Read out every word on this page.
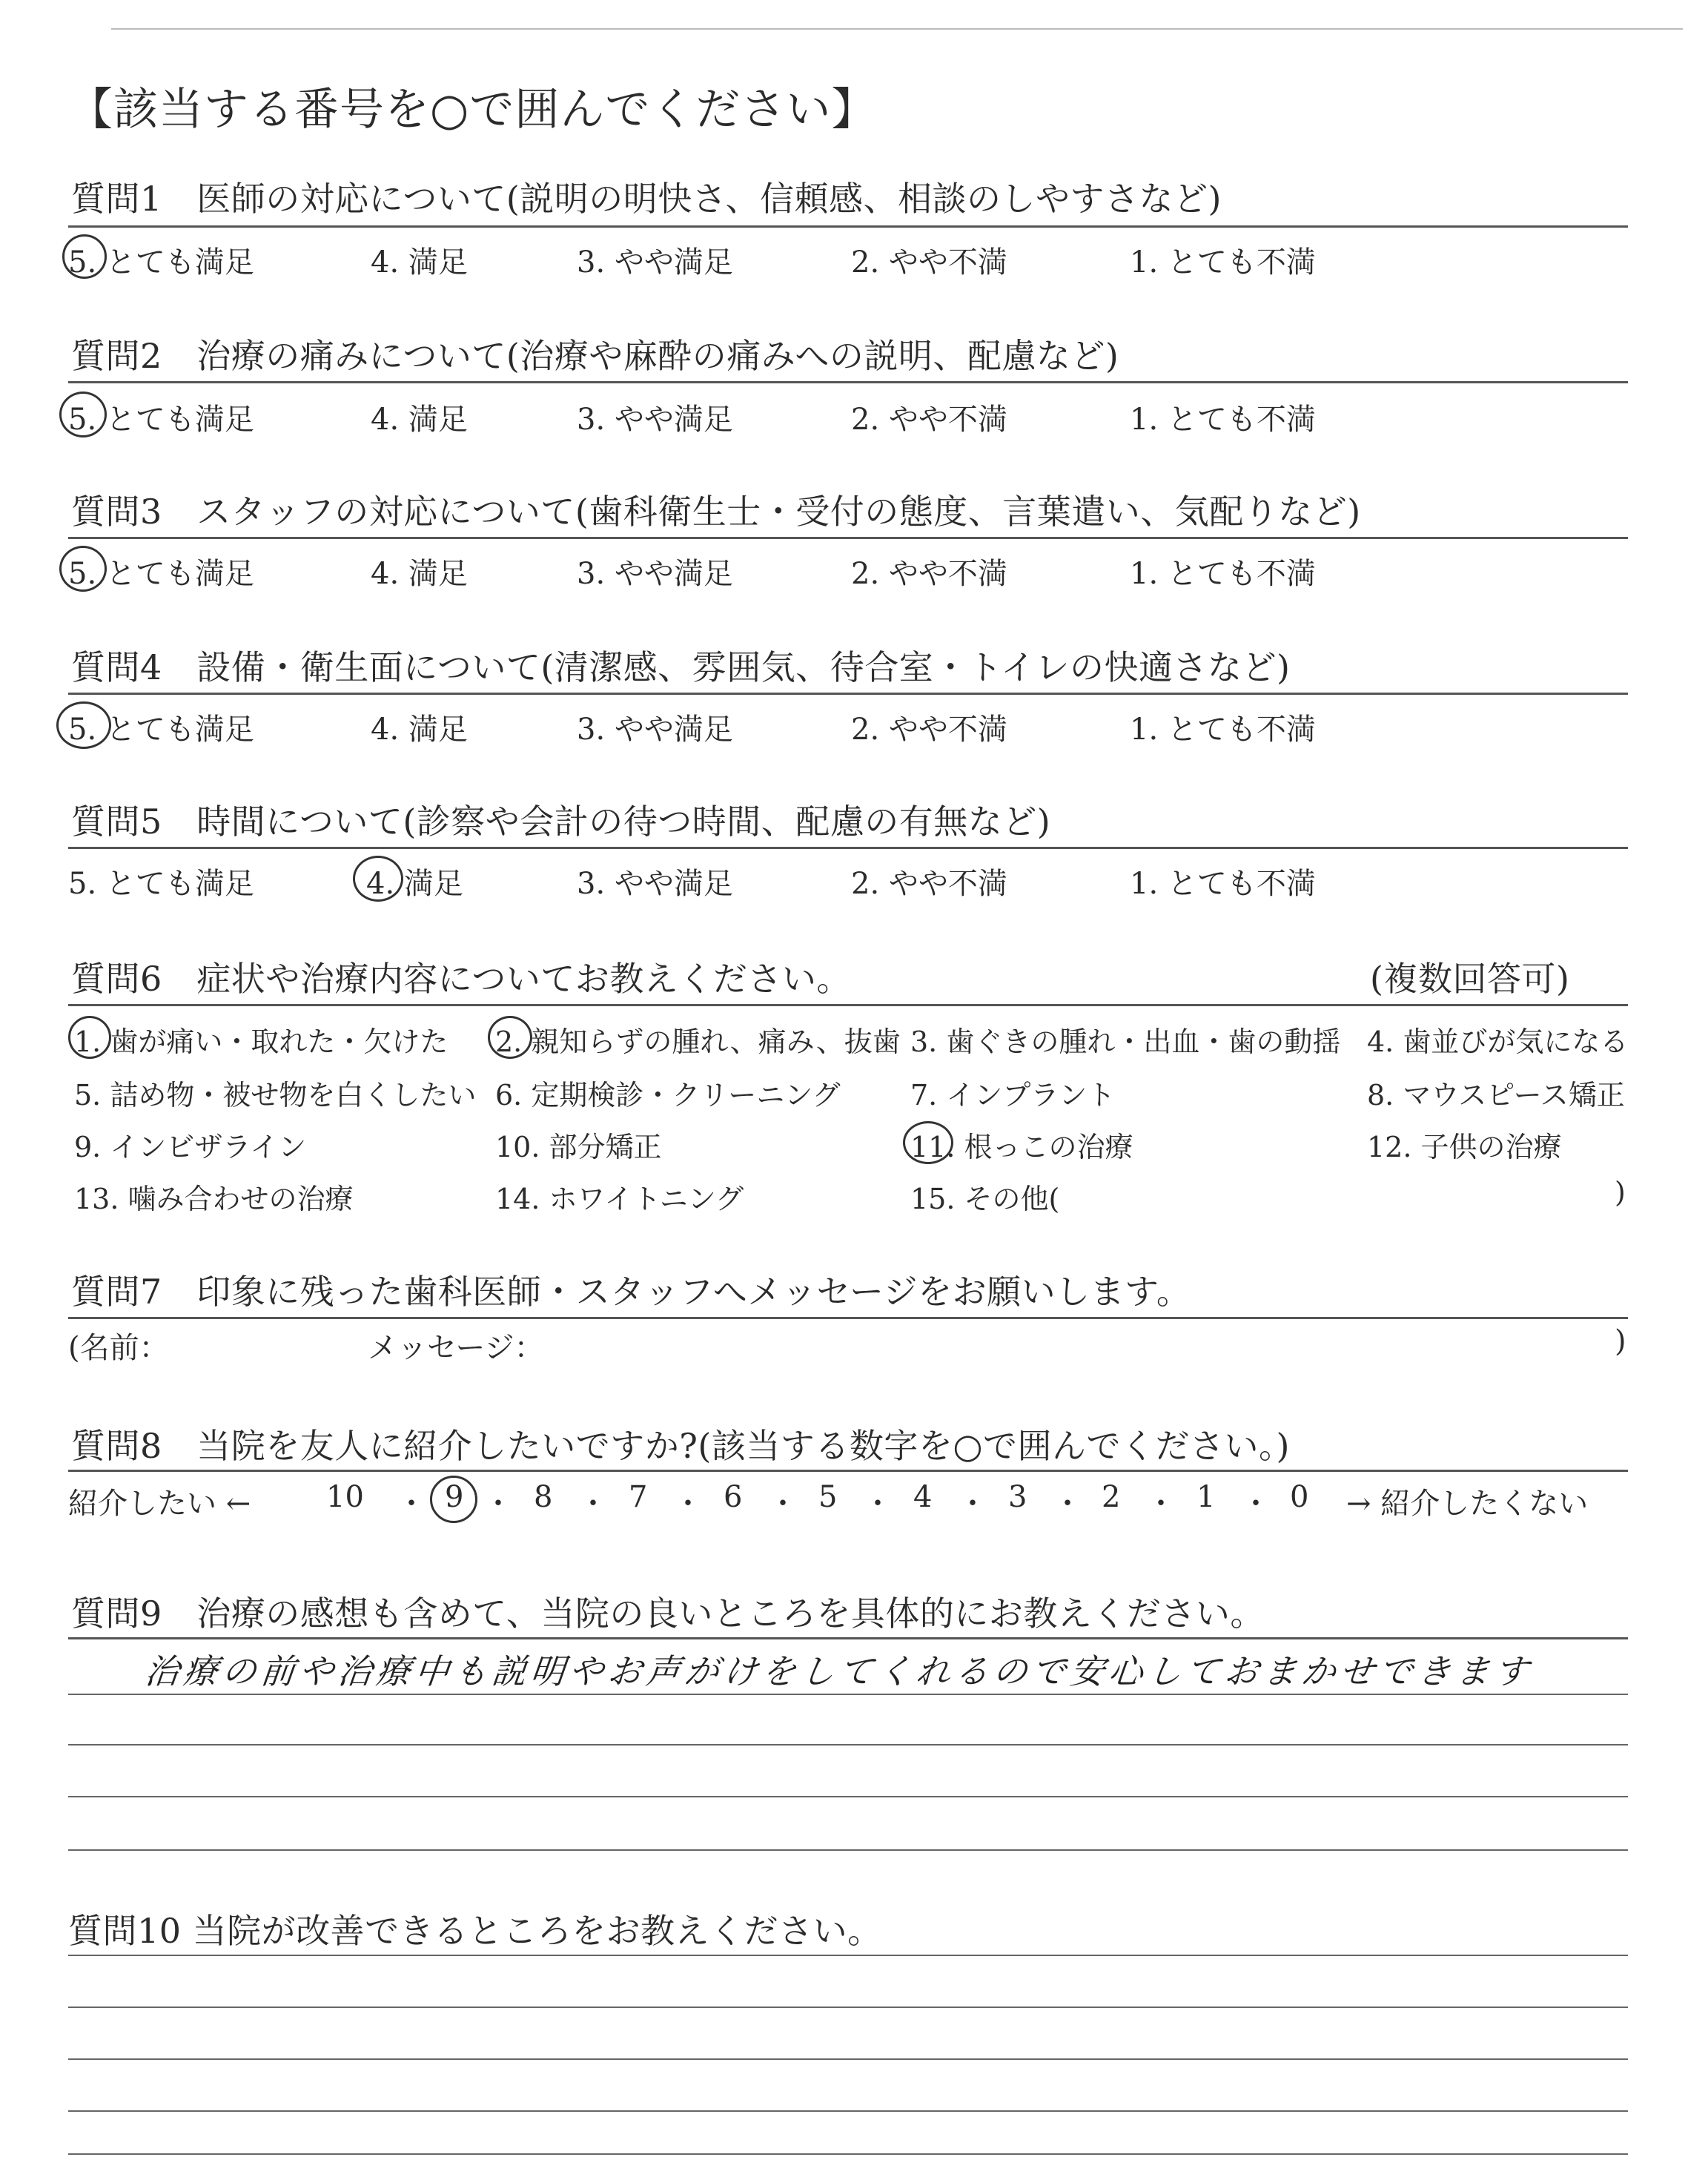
【該当する番号を○で囲んでください】
質問1　医師の対応について(説明の明快さ、信頼感、相談のしやすさなど)
5. とても満足	4. 満足	3. やや満足	2. やや不満	1. とても不満
質問2　治療の痛みについて(治療や麻酔の痛みへの説明、配慮など)
5. とても満足	4. 満足	3. やや満足	2. やや不満	1. とても不満
質問3　スタッフの対応について(歯科衛生士・受付の態度、言葉遣い、気配りなど)
5. とても満足	4. 満足	3. やや満足	2. やや不満	1. とても不満
質問4　設備・衛生面について(清潔感、雰囲気、待合室・トイレの快適さなど)
5. とても満足	4. 満足	3. やや満足	2. やや不満	1. とても不満
質問5　時間について(診察や会計の待つ時間、配慮の有無など)
5. とても満足	4. 満足	3. やや満足	2. やや不満	1. とても不満
質問6　症状や治療内容についてお教えください。	(複数回答可)
1. 歯が痛い・取れた・欠けた 2. 親知らずの腫れ、痛み、抜歯 3. 歯ぐきの腫れ・出血・歯の動揺 4. 歯並びが気になる
5. 詰め物・被せ物を白くしたい 6. 定期検診・クリーニング 7. インプラント	8. マウスピース矯正
9. インビザライン	10. 部分矯正	11. 根っこの治療	12. 子供の治療
13. 噛み合わせの治療	14. ホワイトニング	15. その他(	)
質問7　印象に残った歯科医師・スタッフへメッセージをお願いします。
(名前：	メッセージ：	)
質問8　当院を友人に紹介したいですか?(該当する数字を○で囲んでください。)
紹介したい ←	→ 紹介したくない
10	9 8	7	6	5	4	3	2	1	0
・ ・ ・ ・ ・ ・ ・ ・ ・ ・
質問9　治療の感想も含めて、当院の良いところを具体的にお教えください。
治療の前や治療中も説明やお声がけをしてくれるので安心しておまかせできます
質問10 当院が改善できるところをお教えください。
